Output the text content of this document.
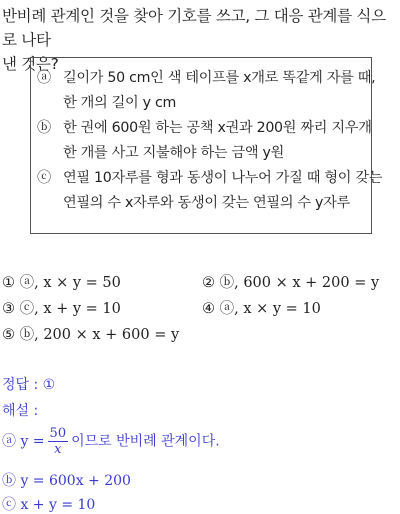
반비례 관계인 것을 찾아 기호를 쓰고, 그 대응 관계를 식으로 나타
낸 것은?
ⓐ 길이가 50 cm인 색 테이프를 x개로 똑같게 자를 때,
한 개의 길이 y cm
ⓑ 한 권에 600원 하는 공책 x권과 200원 짜리 지우개
한 개를 사고 지불해야 하는 금액 y원
ⓒ 연필 10자루를 형과 동생이 나누어 가질 때 형이 갖는
연필의 수 x자루와 동생이 갖는 연필의 수 y자루
① ⓐ, x × y = 50	② ⓑ, 600 × x + 200 = y
③ ⓒ, x + y = 10	④ ⓐ, x × y = 10
⑤ ⓑ, 200 × x + 600 = y
정답 : ①
해설 :
ⓐ $y = \frac{50}{x}$ 이므로 반비례 관계이다.
ⓑ y = 600x + 200
ⓒ x + y = 10
